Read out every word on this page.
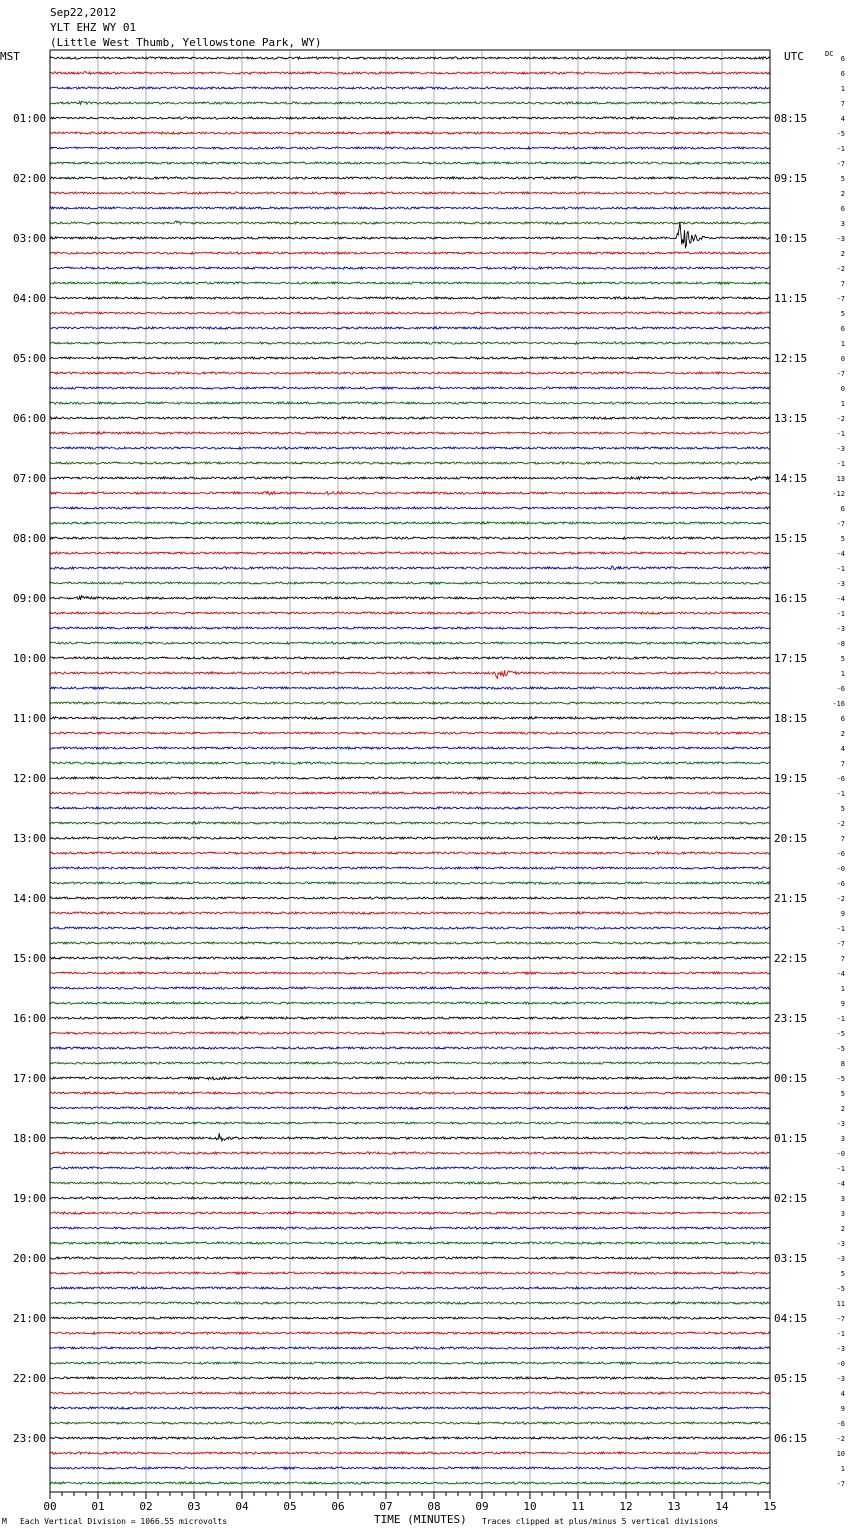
Sep22,2012
YLT EHZ WY 01
(Little West Thumb, Yellowstone Park, WY)
MST	UTC	DC
01:00
02:00
03:00
04:00
05:00
06:00
07:00
08:00
09:00
10:00
11:00
12:00
13:00
14:00
15:00
16:00
17:00
18:00
19:00
20:00
21:00
22:00
23:00
08:15
09:15
10:15
11:15
12:15
13:15
14:15
15:15
16:15
17:15
18:15
19:15
20:15
21:15
22:15
23:15
00:15
01:15
02:15
03:15
04:15
05:15
06:15
6
6
1
7
4
-5
-1
-7
5
2
6
3
-3
2
-2
7
-7
5
6
1
0
-7
0
1
-2
-1
-3
-1
13
-12
6
-7
5
-4
-1
-3
-4
-1
-3
-8
5
1
-6
-16
6
2
4
7
-6
-1
5
-2
7
-6
-0
-6
-2
9
-1
-7
7
-4
1
9
-1
-5
-5
8
-5
5
2
-3
3
-0
-1
-4
3
3
2
-3
-3
5
-5
11
-7
-1
-3
-0
-3
4
9
-6
-2
10
1
-7
00	01	02	03	04	05	06	07	08	09	10	11	12	13	14	15
M Each Vertical Division = 1066.55 microvolts	TIME (MINUTES) Traces clipped at plus/minus 5 vertical divisions
